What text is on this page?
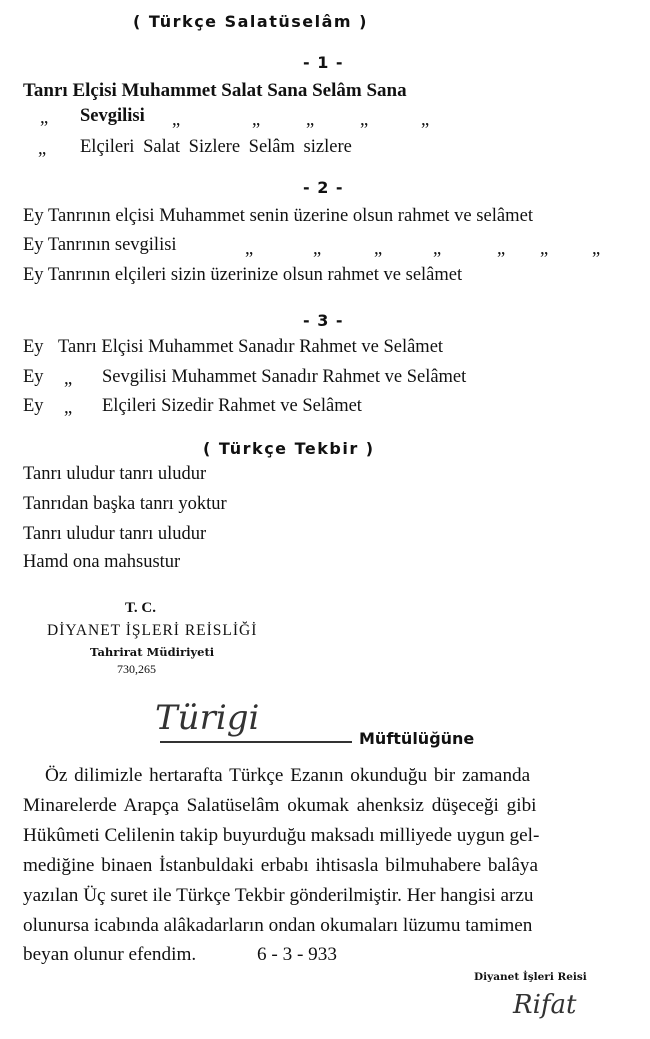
( Türkçe Salatüselâm )
- 1 -
Tanrı Elçisi Muhammet Salat Sana Selâm Sana
„ Sevgilisi „	„ „ „	„
„ Elçileri Salat Sizlere Selâm sizlere
- 2 -
Ey Tanrının elçisi Muhammet senin üzerine olsun rahmet ve selâmet
Ey Tanrının sevgilisi	„	„	„	„	„ „ „
Ey Tanrının elçileri sizin üzerinize olsun rahmet ve selâmet
- 3 -
Ey Tanrı Elçisi Muhammet Sanadır Rahmet ve Selâmet
Ey „ Sevgilisi Muhammet Sanadır Rahmet ve Selâmet
Ey „ Elçileri Sizedir Rahmet ve Selâmet
( Türkçe Tekbir )
Tanrı uludur tanrı uludur
Tanrıdan başka tanrı yoktur
Tanrı uludur tanrı uludur
Hamd ona mahsustur
T. C.
DİYANET İŞLERİ REİSLİĞİ
Tahrirat Müdiriyeti
730,265
Türigi
Müftülüğüne
Öz dilimizle hertarafta Türkçe Ezanın okunduğu bir zamanda
Minarelerde Arapça Salatüselâm okumak ahenksiz düşeceği gibi
Hükûmeti Celilenin takip buyurduğu maksadı milliyede uygun gel-
mediğine binaen İstanbuldaki erbabı ihtisasla bilmuhabere balâya
yazılan Üç suret ile Türkçe Tekbir gönderilmiştir. Her hangisi arzu
olunursa icabında alâkadarların ondan okumaları lüzumu tamimen
beyan olunur efendim.	6 - 3 - 933
Diyanet İşleri Reisi
Rifat
